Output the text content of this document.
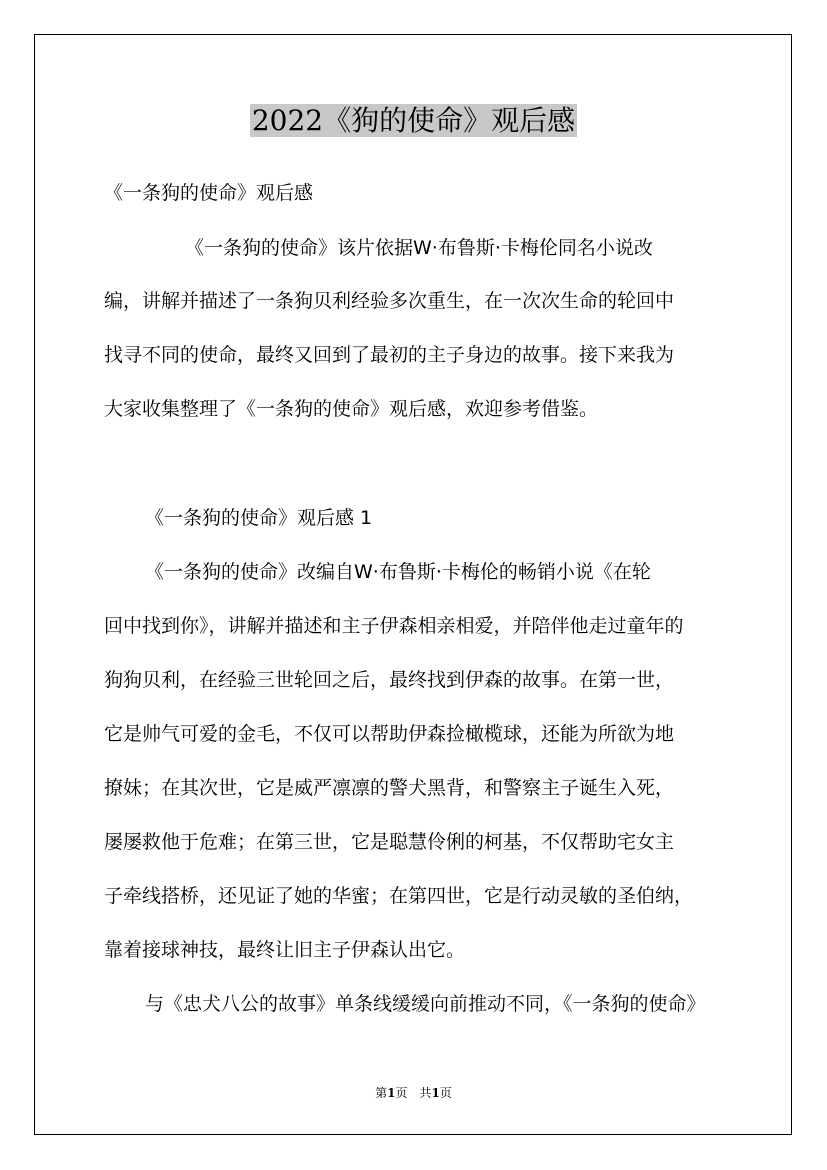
2022《狗的使命》观后感
《一条狗的使命》观后感
《一条狗的使命》该片依据W·布鲁斯·卡梅伦同名小说改
编，讲解并描述了一条狗贝利经验多次重生，在一次次生命的轮回中
找寻不同的使命，最终又回到了最初的主子身边的故事。接下来我为
大家收集整理了《一条狗的使命》观后感，欢迎参考借鉴。
《一条狗的使命》观后感 1
《一条狗的使命》改编自W·布鲁斯·卡梅伦的畅销小说《在轮
回中找到你》，讲解并描述和主子伊森相亲相爱，并陪伴他走过童年的
狗狗贝利，在经验三世轮回之后，最终找到伊森的故事。在第一世，
它是帅气可爱的金毛，不仅可以帮助伊森捡橄榄球，还能为所欲为地
撩妹；在其次世，它是威严凛凛的警犬黑背，和警察主子诞生入死，
屡屡救他于危难；在第三世，它是聪慧伶俐的柯基，不仅帮助宅女主
子牵线搭桥，还见证了她的华蜜；在第四世，它是行动灵敏的圣伯纳，
靠着接球神技，最终让旧主子伊森认出它。
与《忠犬八公的故事》单条线缓缓向前推动不同，《一条狗的使命》
第1页　共1页
